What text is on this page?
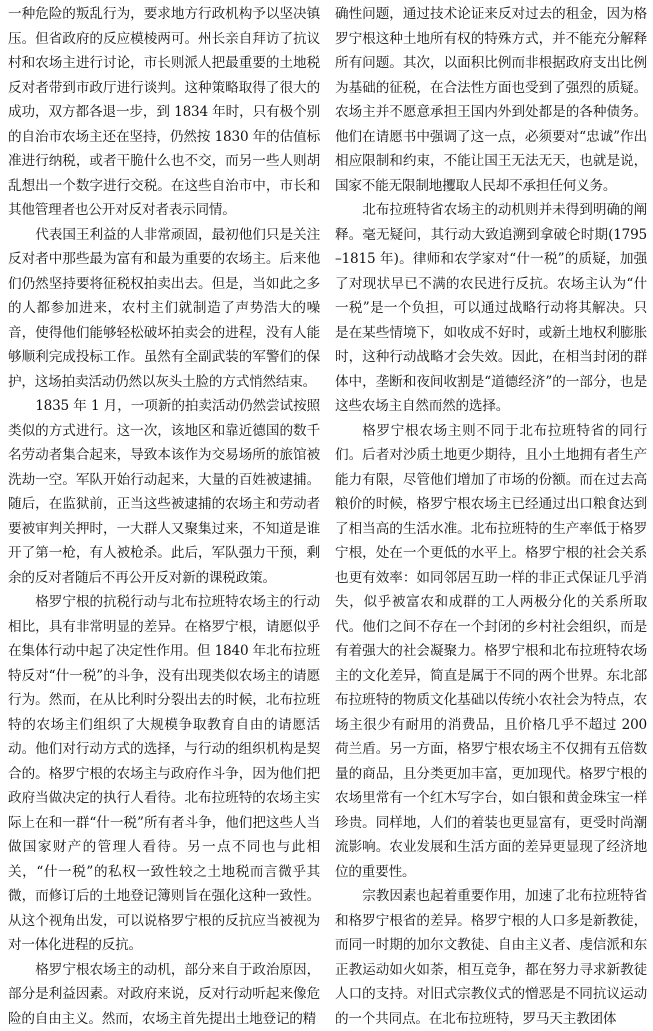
一种危险的叛乱行为，要求地方行政机构予以坚决镇压。但省政府的反应模棱两可。州长亲自拜访了抗议村和农场主进行讨论，市长则派人把最重要的土地税反对者带到市政厅进行谈判。这种策略取得了很大的成功，双方都各退一步，到 1834 年时，只有极个别的自治市农场主还在坚持，仍然按 1830 年的估值标准进行纳税，或者干脆什么也不交，而另一些人则胡乱想出一个数字进行交税。在这些自治市中，市长和其他管理者也公开对反对者表示同情。

代表国王利益的人非常顽固，最初他们只是关注反对者中那些最为富有和最为重要的农场主。后来他们仍然坚持要将征税权拍卖出去。但是，当如此之多的人都参加进来，农村主们就制造了声势浩大的噪音，使得他们能够轻松破坏拍卖会的进程，没有人能够顺利完成投标工作。虽然有全副武装的军警们的保护，这场拍卖活动仍然以灰头土脸的方式悄然结束。

1835 年 1 月，一项新的拍卖活动仍然尝试按照类似的方式进行。这一次，该地区和靠近德国的数千名劳动者集合起来，导致本该作为交易场所的旅馆被洗劫一空。军队开始行动起来，大量的百姓被逮捕。随后，在监狱前，正当这些被逮捕的农场主和劳动者要被审判关押时，一大群人又聚集过来，不知道是谁开了第一枪，有人被枪杀。此后，军队强力干预，剩余的反对者随后不再公开反对新的课税政策。

格罗宁根的抗税行动与北布拉班特农场主的行动相比，具有非常明显的差异。在格罗宁根，请愿似乎在集体行动中起了决定性作用。但 1840 年北布拉班特反对“什一税”的斗争，没有出现类似农场主的请愿行为。然而，在从比利时分裂出去的时候，北布拉班特的农场主们组织了大规模争取教育自由的请愿活动。他们对行动方式的选择，与行动的组织机构是契合的。格罗宁根的农场主与政府作斗争，因为他们把政府当做决定的执行人看待。北布拉班特的农场主实际上在和一群“什一税”所有者斗争，他们把这些人当做国家财产的管理人看待。另一点不同也与此相关，“什一税”的私权一致性较之土地税而言微乎其微，而修订后的土地登记簿则旨在强化这种一致性。从这个视角出发，可以说格罗宁根的反抗应当被视为对一体化进程的反抗。

格罗宁根农场主的动机，部分来自于政治原因，部分是利益因素。对政府来说，反对行动听起来像危险的自由主义。然而，农场主首先提出土地登记的精

确性问题，通过技术论证来反对过去的租金，因为格罗宁根这种土地所有权的特殊方式，并不能充分解释所有问题。其次，以面积比例而非根据政府支出比例为基础的征税，在合法性方面也受到了强烈的质疑。农场主并不愿意承担王国内外到处都是的各种债务。他们在请愿书中强调了这一点，必须要对“忠诚”作出相应限制和约束，不能让国王无法无天，也就是说，国家不能无限制地攫取人民却不承担任何义务。

北布拉班特省农场主的动机则并未得到明确的阐释。毫无疑问，其行动大致追溯到拿破仑时期(1795–1815 年)。律师和农学家对“什一税”的质疑，加强了对现状早已不满的农民进行反抗。农场主认为“什一税”是一个负担，可以通过战略行动将其解决。只是在某些情境下，如收成不好时，或新土地权利膨胀时，这种行动战略才会失效。因此，在相当封闭的群体中，垄断和夜间收割是“道德经济”的一部分，也是这些农场主自然而然的选择。

格罗宁根农场主则不同于北布拉班特省的同行们。后者对沙质土地更少期待，且小土地拥有者生产能力有限，尽管他们增加了市场的份额。而在过去高粮价的时候，格罗宁根农场主已经通过出口粮食达到了相当高的生活水准。北布拉班特的生产率低于格罗宁根，处在一个更低的水平上。格罗宁根的社会关系也更有效率：如同邻居互助一样的非正式保证几乎消失，似乎被富农和成群的工人两极分化的关系所取代。他们之间不存在一个封闭的乡村社会组织，而是有着强大的社会凝聚力。格罗宁根和北布拉班特农场主的文化差异，简直是属于不同的两个世界。东北部布拉班特的物质文化基础以传统小农社会为特点，农场主很少有耐用的消费品，且价格几乎不超过 200 荷兰盾。另一方面，格罗宁根农场主不仅拥有五倍数量的商品，且分类更加丰富，更加现代。格罗宁根的农场里常有一个红木写字台，如白银和黄金珠宝一样珍贵。同样地，人们的着装也更显富有，更受时尚潮流影响。农业发展和生活方面的差异更显现了经济地位的重要性。

宗教因素也起着重要作用，加速了北布拉班特省和格罗宁根省的差异。格罗宁根的人口多是新教徒，而同一时期的加尔文教徒、自由主义者、虔信派和东正教运动如火如荼，相互竞争，都在努力寻求新教徒人口的支持。对旧式宗教仪式的憎恶是不同抗议运动的一个共同点。在北布拉班特，罗马天主教团体
